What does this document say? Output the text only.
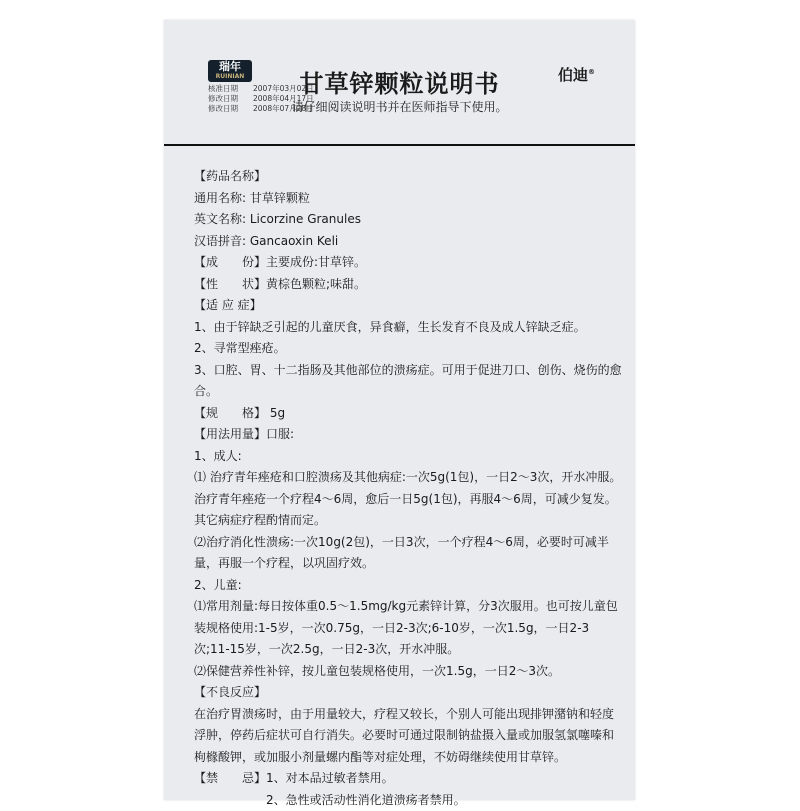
瑞年
RUINIAN
核准日期　　2007年03月02日
修改日期　　2008年04月17日
修改日期　　2008年07月28日
甘草锌颗粒说明书
请仔细阅读说明书并在医师指导下使用。
伯迪®

【药品名称】

通用名称: 甘草锌颗粒

英文名称: Licorzine Granules

汉语拼音: Gancaoxin Keli

【成　　份】主要成份:甘草锌。

【性　　状】黄棕色颗粒;味甜。

【适 应 症】

1、由于锌缺乏引起的儿童厌食，异食癖，生长发育不良及成人锌缺乏症。

2、寻常型痤疮。

3、口腔、胃、十二指肠及其他部位的溃疡症。可用于促进刀口、创伤、烧伤的愈合。

【规　　格】 5g

【用法用量】口服:

1、成人:

⑴ 治疗青年痤疮和口腔溃疡及其他病症:一次5g(1包)，一日2～3次，开水冲服。治疗青年痤疮一个疗程4～6周，愈后一日5g(1包)，再服4～6周，可减少复发。其它病症疗程酌情而定。

⑵治疗消化性溃疡:一次10g(2包)，一日3次，一个疗程4～6周，必要时可减半量，再服一个疗程，以巩固疗效。

2、儿童:

⑴常用剂量:每日按体重0.5～1.5mg/kg元素锌计算，分3次服用。也可按儿童包装规格使用:1-5岁，一次0.75g，一日2-3次;6-10岁，一次1.5g，一日2-3次;11-15岁，一次2.5g，一日2-3次，开水冲服。

⑵保健营养性补锌，按儿童包装规格使用，一次1.5g，一日2～3次。

【不良反应】

在治疗胃溃疡时，由于用量较大，疗程又较长，个别人可能出现排钾潴钠和轻度浮肿，停药后症状可自行消失。必要时可通过限制钠盐摄入量或加服氢氯噻嗪和枸橼酸钾，或加服小剂量螺内酯等对症处理，不妨碍继续使用甘草锌。

【禁　　忌】1、对本品过敏者禁用。

2、急性或活动性消化道溃疡者禁用。
